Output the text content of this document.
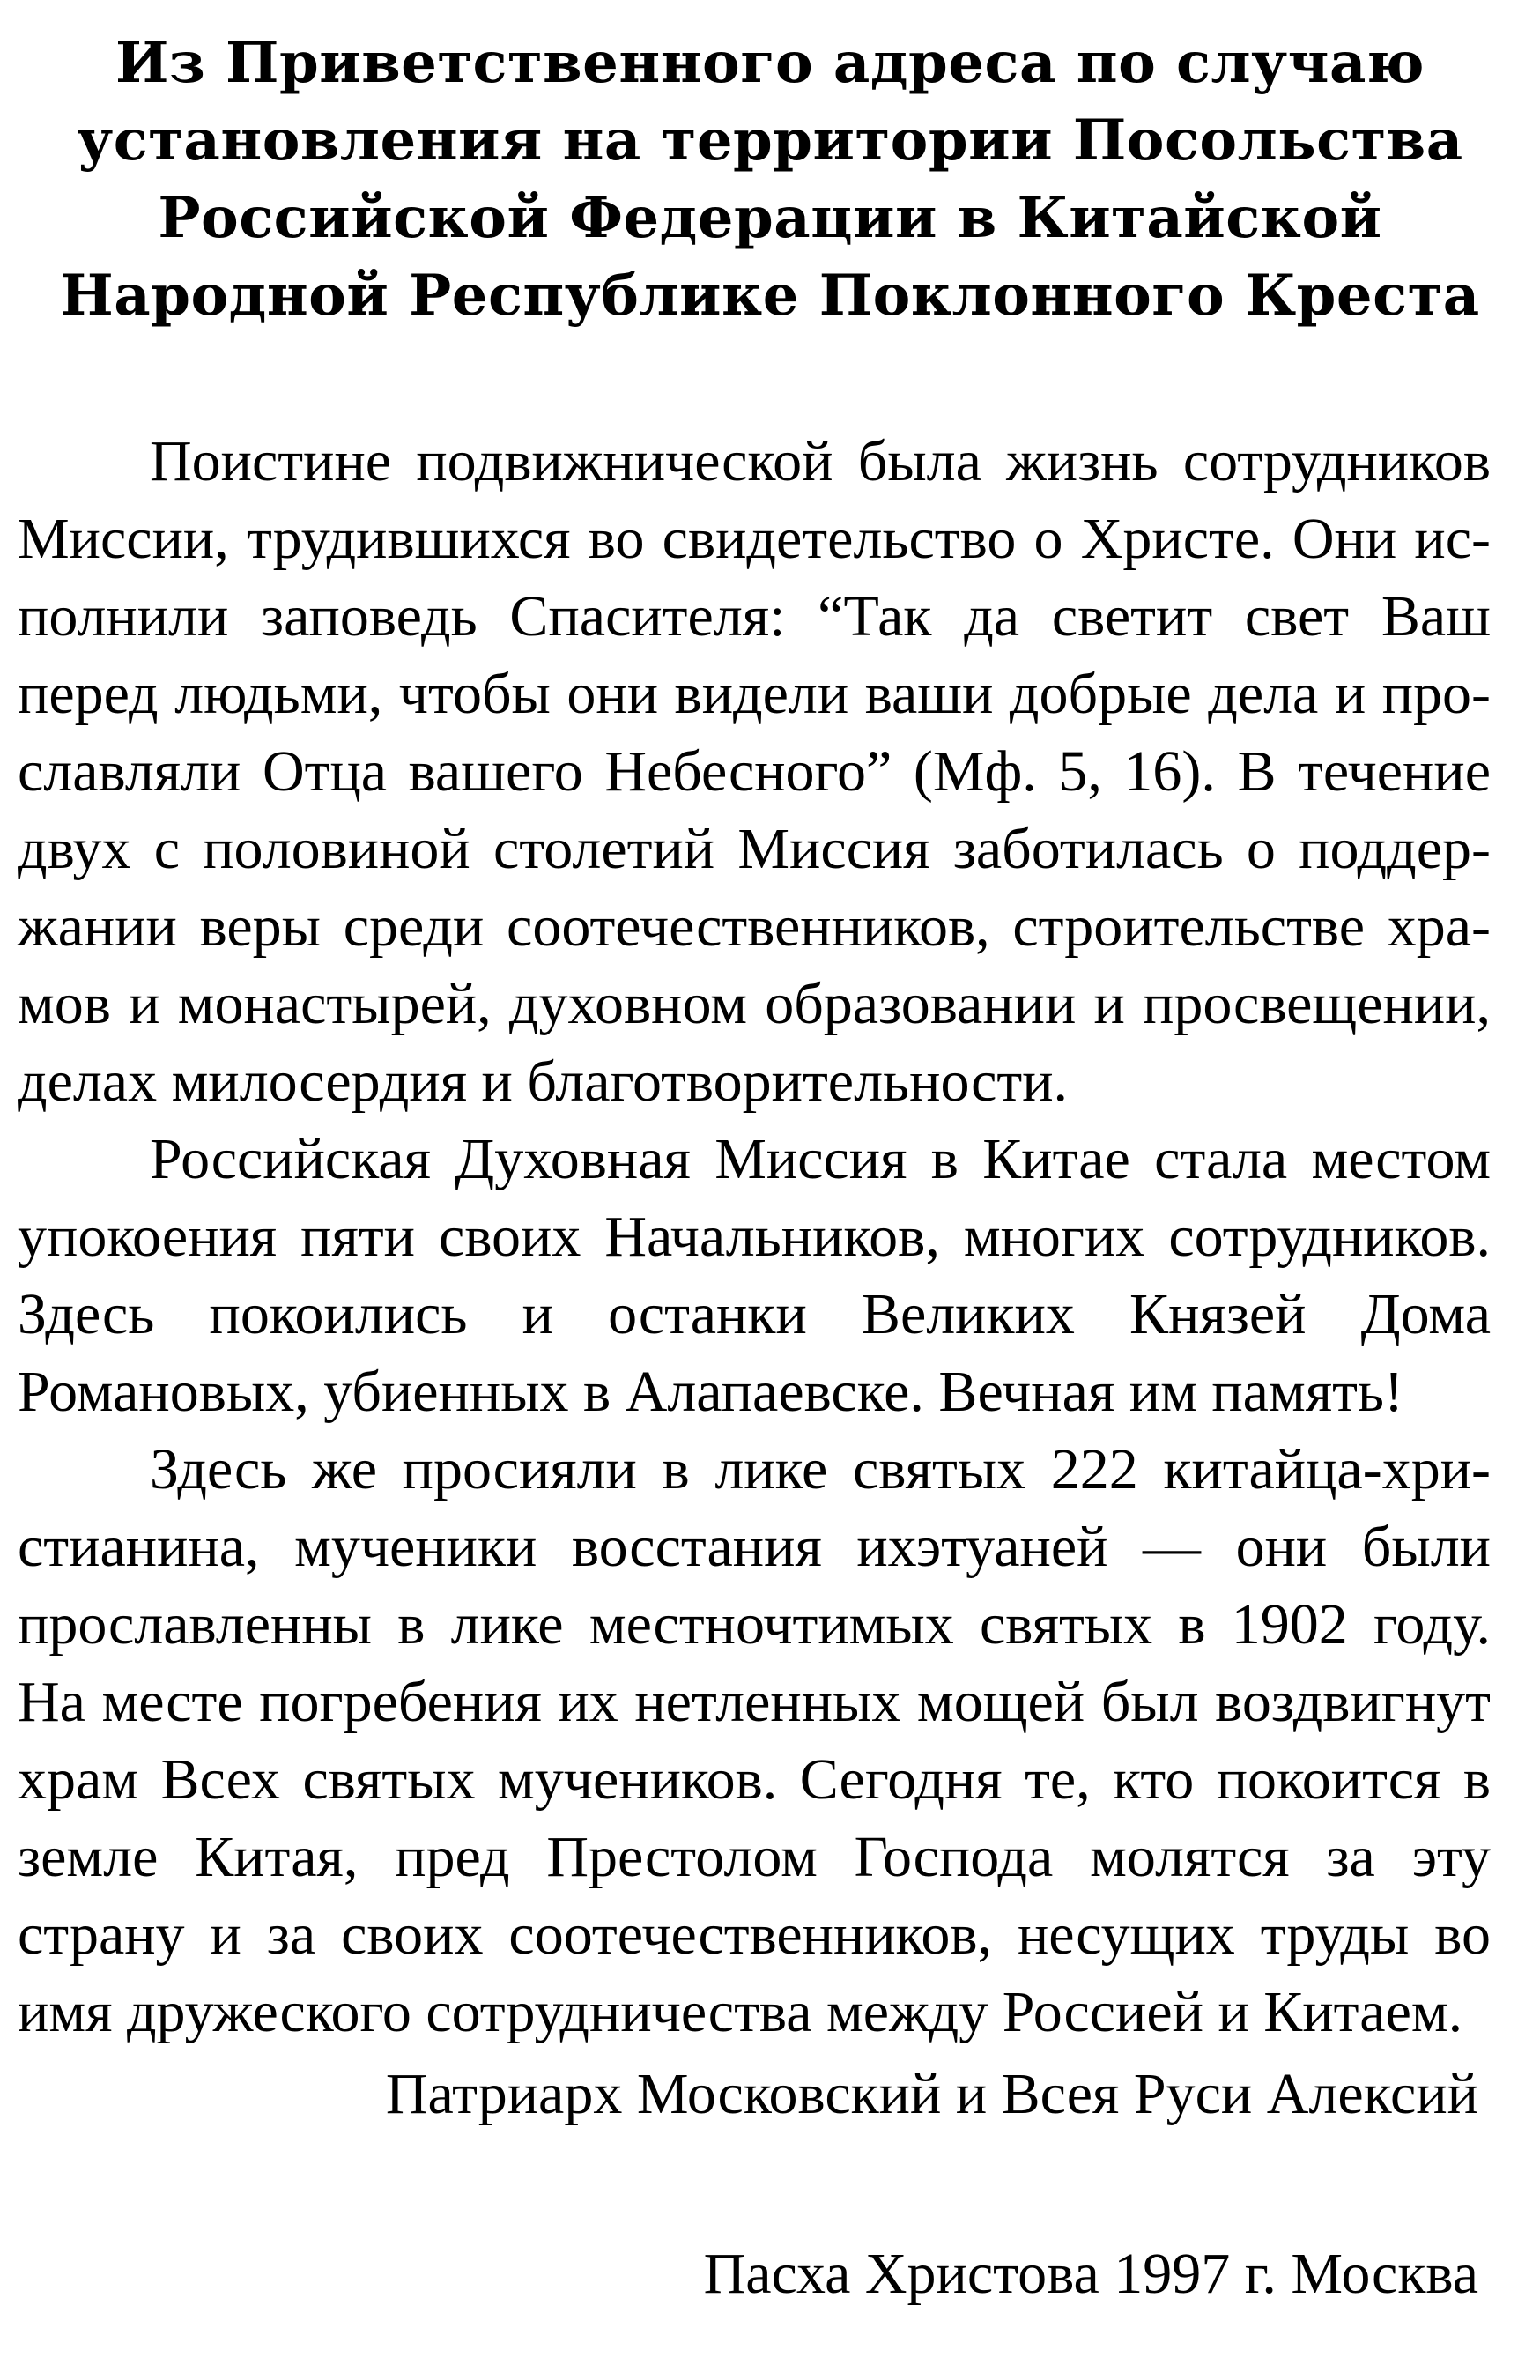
Из Приветственного адреса по случаю
установления на территории Посольства
Российской Федерации в Китайской
Народной Республике Поклонного Креста

Поистине подвижнической была жизнь сотрудников Миссии, трудившихся во свидетельство о Христе. Они исполнили заповедь Спасителя: “Так да светит свет Ваш перед людьми, чтобы они видели ваши добрые дела и прославляли Отца вашего Небесного” (Мф. 5, 16). В течение двух с половиной столетий Миссия заботилась о поддержании веры среди соотечественников, строительстве храмов и монастырей, духовном образовании и просвещении, делах милосердия и благотворительности.

Российская Духовная Миссия в Китае стала местом упокоения пяти своих Начальников, многих сотрудников. Здесь покоились и останки Великих Князей Дома Романовых, убиенных в Алапаевске. Вечная им память!

Здесь же просияли в лике святых 222 китайца-христианина, мученики восстания ихэтуаней — они были прославленны в лике местночтимых святых в 1902 году. На месте погребения их нетленных мощей был воздвигнут храм Всех святых мучеников. Сегодня те, кто покоится в земле Китая, пред Престолом Господа молятся за эту страну и за своих соотечественников, несущих труды во имя дружеского сотрудничества между Россией и Китаем.

Патриарх Московский и Всея Руси Алексий

Пасха Христова 1997 г. Москва
